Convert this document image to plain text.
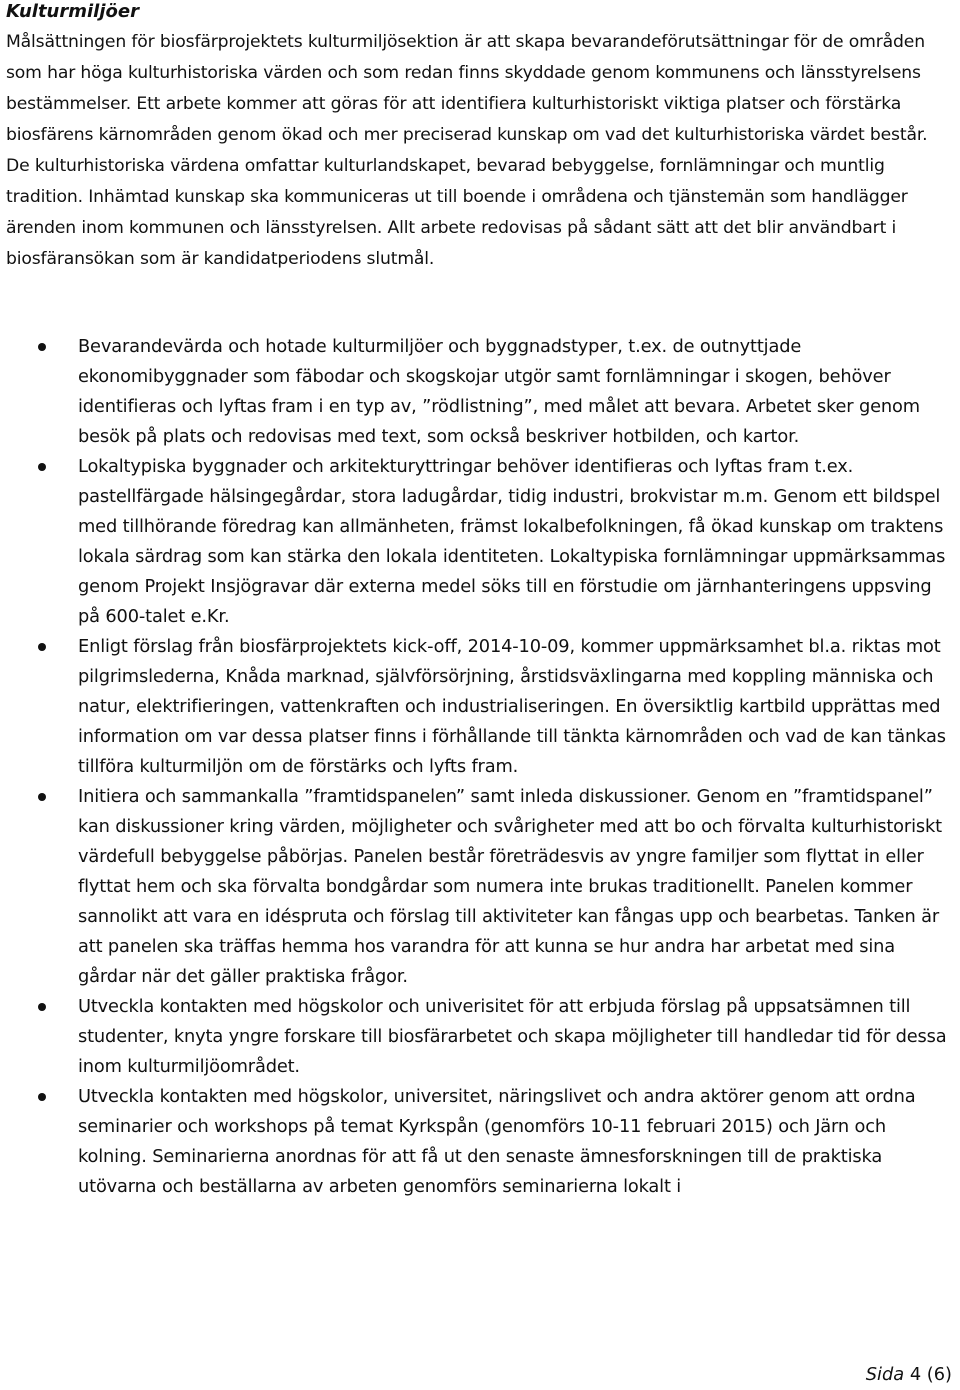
Kulturmiljöer

Målsättningen för biosfärprojektets kulturmiljösektion är att skapa bevarandeförutsättningar för de områden som har höga kulturhistoriska värden och som redan finns skyddade genom kommunens och länsstyrelsens bestämmelser. Ett arbete kommer att göras för att identifiera kulturhistoriskt viktiga platser och förstärka biosfärens kärnområden genom ökad och mer preciserad kunskap om vad det kulturhistoriska värdet består. De kulturhistoriska värdena omfattar kulturlandskapet, bevarad bebyggelse, fornlämningar och muntlig tradition. Inhämtad kunskap ska kommuniceras ut till boende i områdena och tjänstemän som handlägger ärenden inom kommunen och länsstyrelsen. Allt arbete redovisas på sådant sätt att det blir användbart i biosfäransökan som är kandidatperiodens slutmål.

Bevarandevärda och hotade kulturmiljöer och byggnadstyper, t.ex. de outnyttjade ekonomibyggnader som fäbodar och skogskojar utgör samt fornlämningar i skogen, behöver identifieras och lyftas fram i en typ av, ”rödlistning”, med målet att bevara. Arbetet sker genom besök på plats och redovisas med text, som också beskriver hotbilden, och kartor.
Lokaltypiska byggnader och arkitekturyttringar behöver identifieras och lyftas fram t.ex. pastellfärgade hälsingegårdar, stora ladugårdar, tidig industri, brokvistar m.m. Genom ett bildspel med tillhörande föredrag kan allmänheten, främst lokalbefolkningen, få ökad kunskap om traktens lokala särdrag som kan stärka den lokala identiteten. Lokaltypiska fornlämningar uppmärksammas genom Projekt Insjögravar där externa medel söks till en förstudie om järnhanteringens uppsving på 600-talet e.Kr.
Enligt förslag från biosfärprojektets kick-off, 2014-10-09, kommer uppmärksamhet bl.a. riktas mot pilgrimslederna, Knåda marknad, självförsörjning, årstidsväxlingarna med koppling människa och natur, elektrifieringen, vattenkraften och industrialiseringen. En översiktlig kartbild upprättas med information om var dessa platser finns i förhållande till tänkta kärnområden och vad de kan tänkas tillföra kulturmiljön om de förstärks och lyfts fram.
Initiera och sammankalla ”framtidspanelen” samt inleda diskussioner. Genom en ”framtidspanel” kan diskussioner kring värden, möjligheter och svårigheter med att bo och förvalta kulturhistoriskt värdefull bebyggelse påbörjas. Panelen består företrädesvis av yngre familjer som flyttat in eller flyttat hem och ska förvalta bondgårdar som numera inte brukas traditionellt. Panelen kommer sannolikt att vara en idéspruta och förslag till aktiviteter kan fångas upp och bearbetas. Tanken är att panelen ska träffas hemma hos varandra för att kunna se hur andra har arbetat med sina gårdar när det gäller praktiska frågor.
Utveckla kontakten med högskolor och univerisitet för att erbjuda förslag på uppsatsämnen till studenter, knyta yngre forskare till biosfärarbetet och skapa möjligheter till handledar tid för dessa inom kulturmiljöområdet.
Utveckla kontakten med högskolor, universitet, näringslivet och andra aktörer genom att ordna seminarier och workshops på temat Kyrkspån (genomförs 10-11 februari 2015) och Järn och kolning. Seminarierna anordnas för att få ut den senaste ämnesforskningen till de praktiska utövarna och beställarna av arbeten genomförs seminarierna lokalt i
Sida 4 (6)
